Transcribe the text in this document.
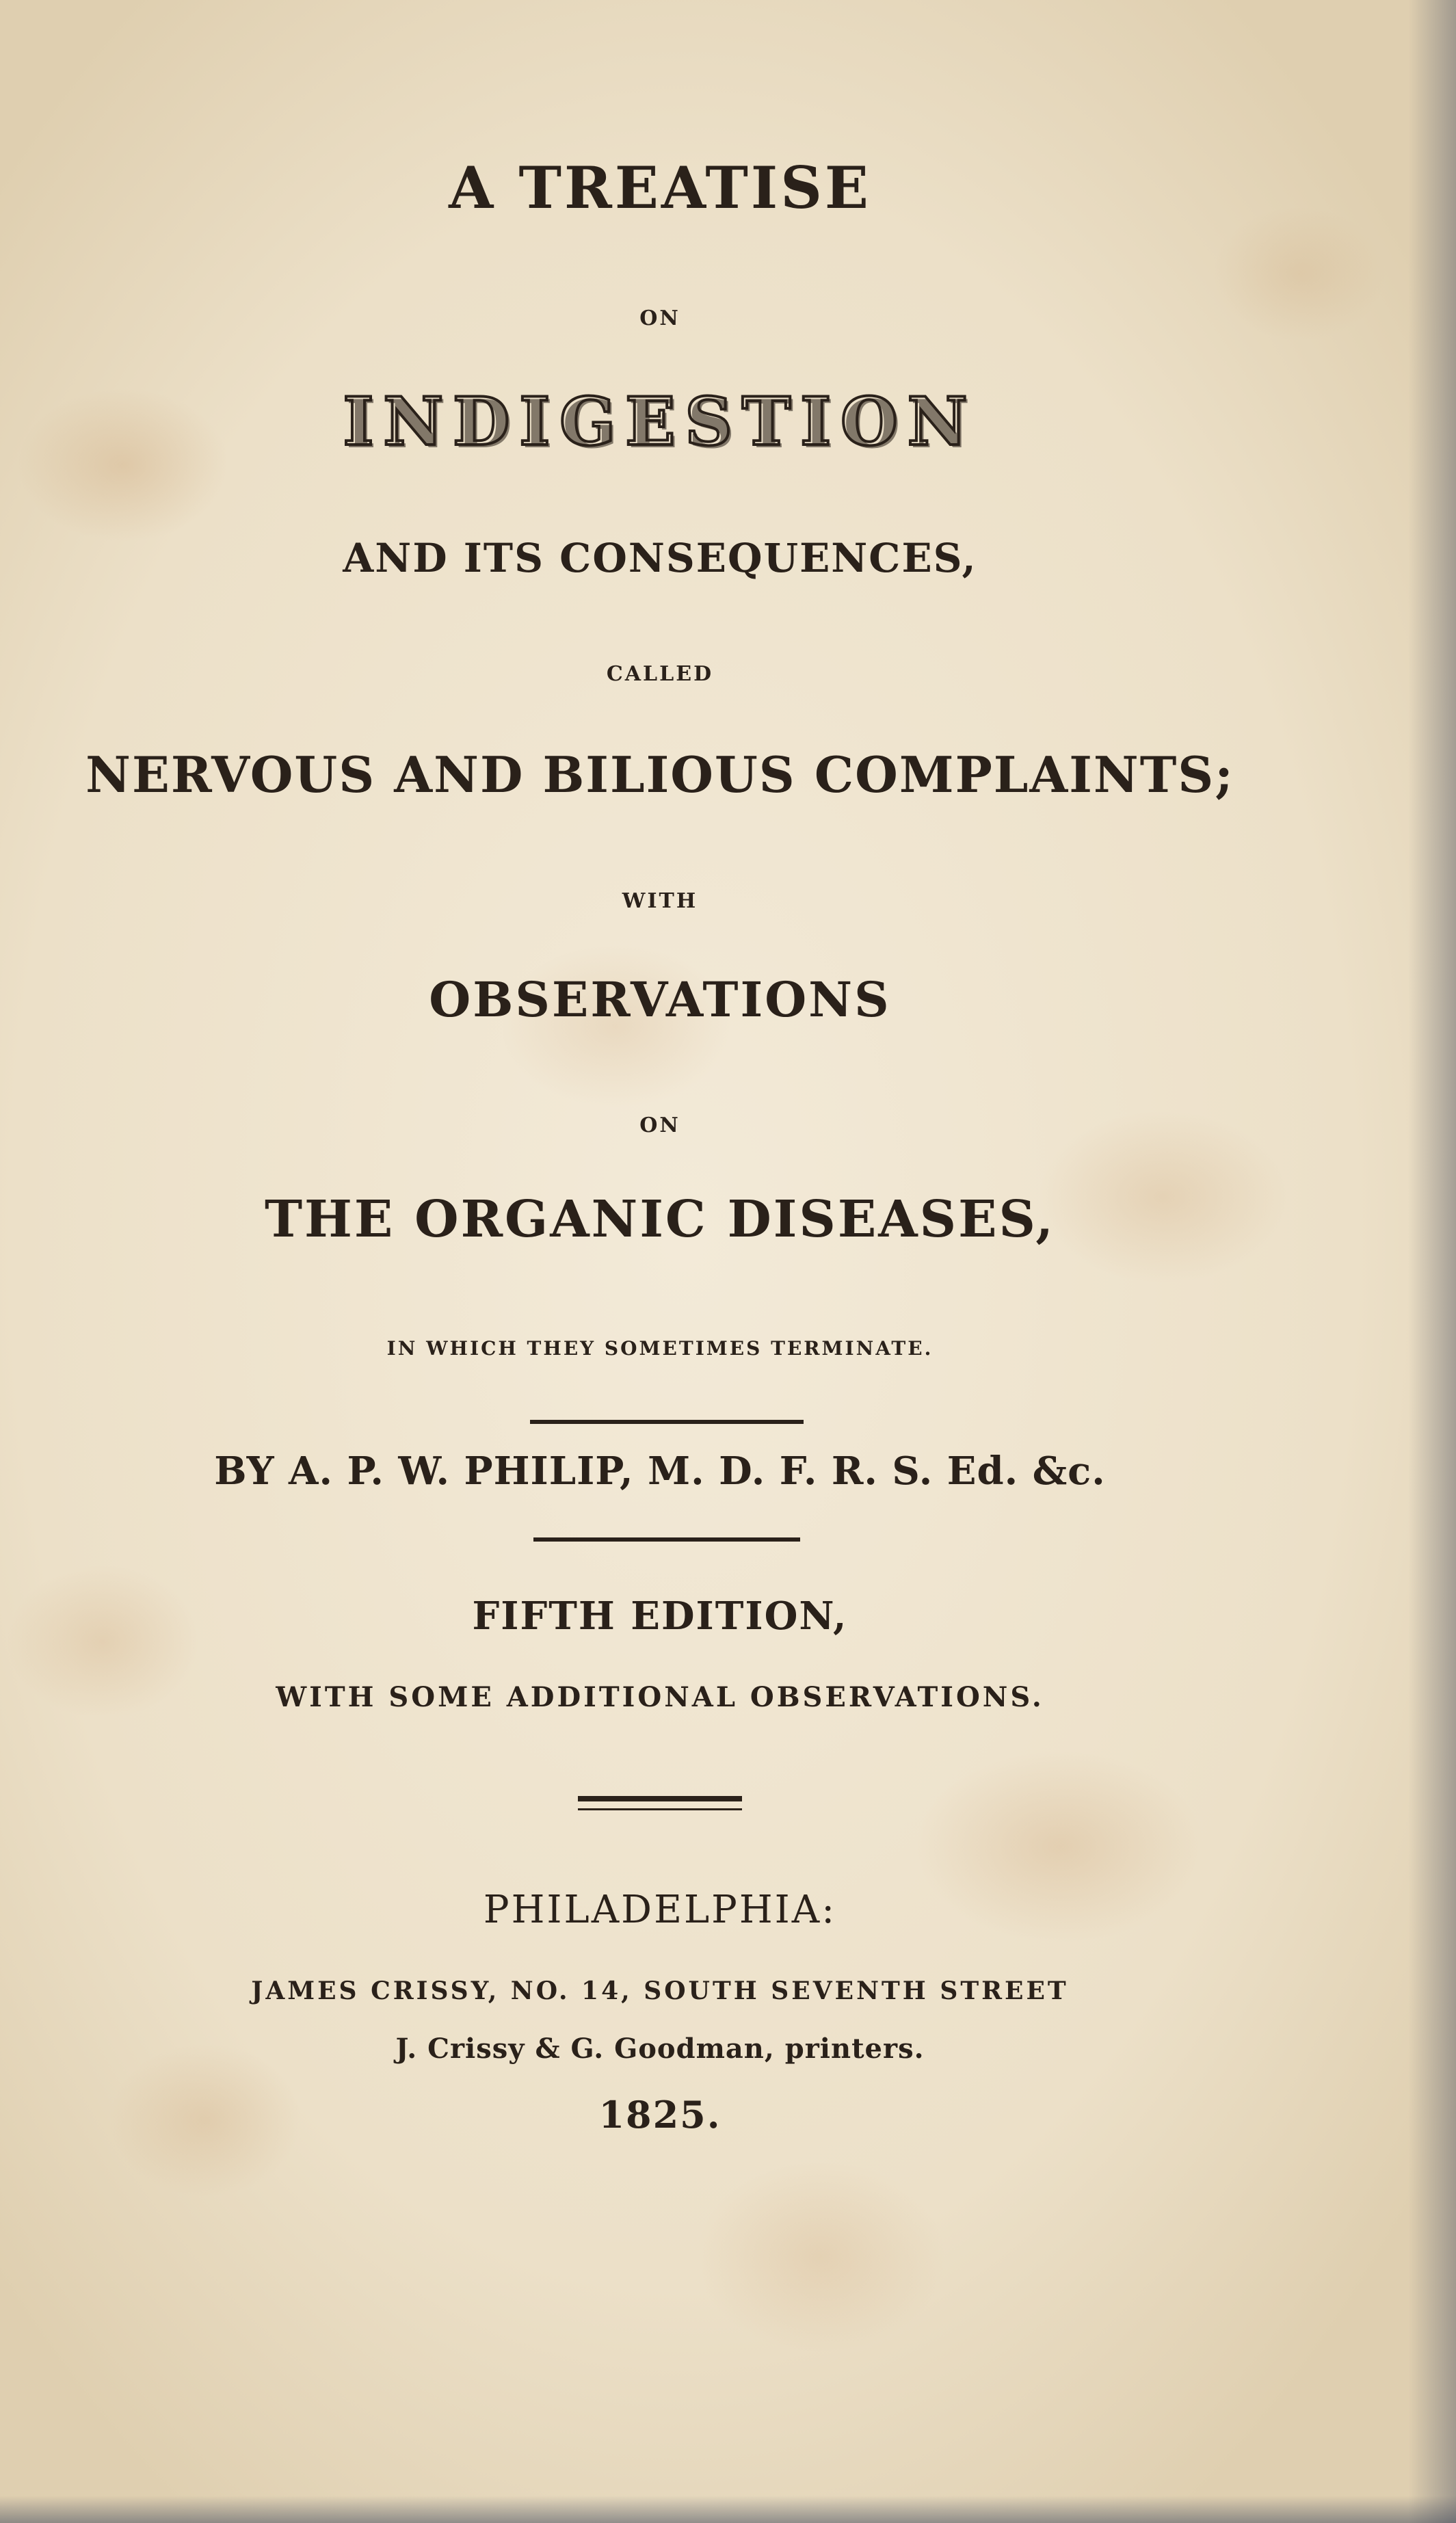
A TREATISE
ON
INDIGESTION
AND ITS CONSEQUENCES,
CALLED
NERVOUS AND BILIOUS COMPLAINTS;
WITH
OBSERVATIONS
ON
THE ORGANIC DISEASES,
IN WHICH THEY SOMETIMES TERMINATE.
BY A. P. W. PHILIP, M. D. F. R. S. Ed. &c.
FIFTH EDITION,
WITH SOME ADDITIONAL OBSERVATIONS.
PHILADELPHIA:
JAMES CRISSY, NO. 14, SOUTH SEVENTH STREET
J. Crissy & G. Goodman, printers.
1825.
